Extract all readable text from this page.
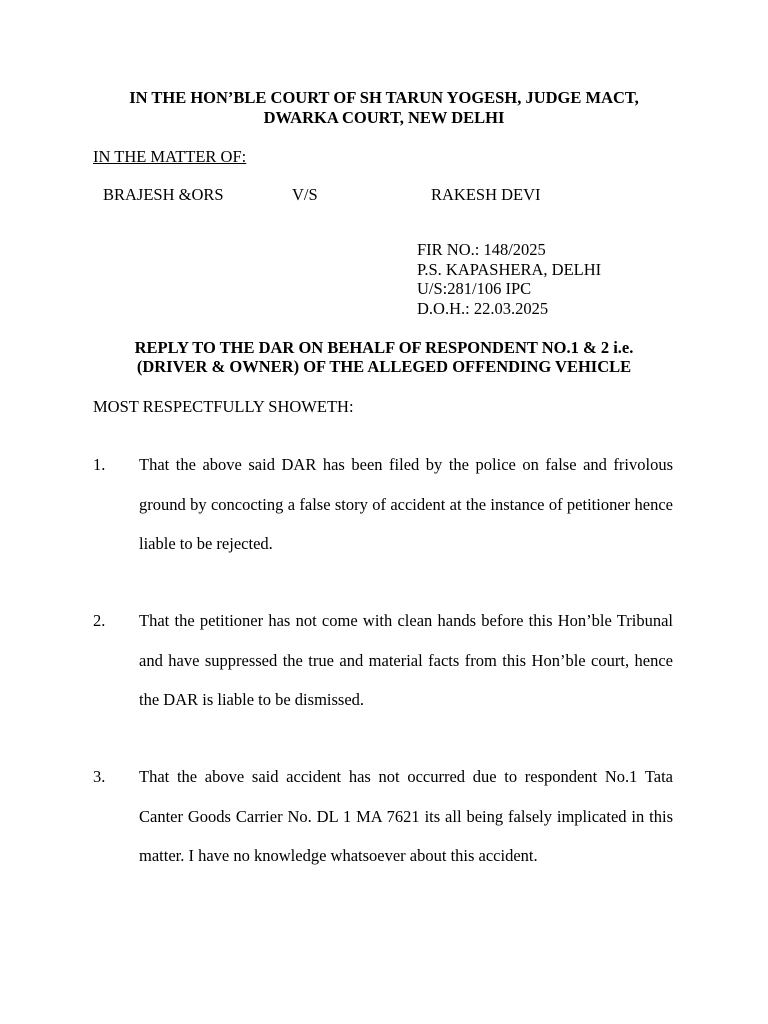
IN THE HON’BLE COURT OF SH TARUN YOGESH, JUDGE MACT,
DWARKA COURT, NEW DELHI
IN THE MATTER OF:
BRAJESH &ORS	V/S	RAKESH DEVI
FIR NO.: 148/2025
P.S. KAPASHERA, DELHI
U/S:281/106 IPC
D.O.H.: 22.03.2025
REPLY TO THE DAR ON BEHALF OF RESPONDENT NO.1 & 2 i.e.
(DRIVER & OWNER) OF THE ALLEGED OFFENDING VEHICLE
MOST RESPECTFULLY SHOWETH:
1. That the above said DAR has been filed by the police on false and frivolous ground by concocting a false story of accident at the instance of petitioner hence liable to be rejected.

2. That the petitioner has not come with clean hands before this Hon’ble Tribunal and have suppressed the true and material facts from this Hon’ble court, hence the DAR is liable to be dismissed.

3. That the above said accident has not occurred due to respondent No.1 Tata Canter Goods Carrier No. DL 1 MA 7621 its all being falsely implicated in this matter. I have no knowledge whatsoever about this accident.
